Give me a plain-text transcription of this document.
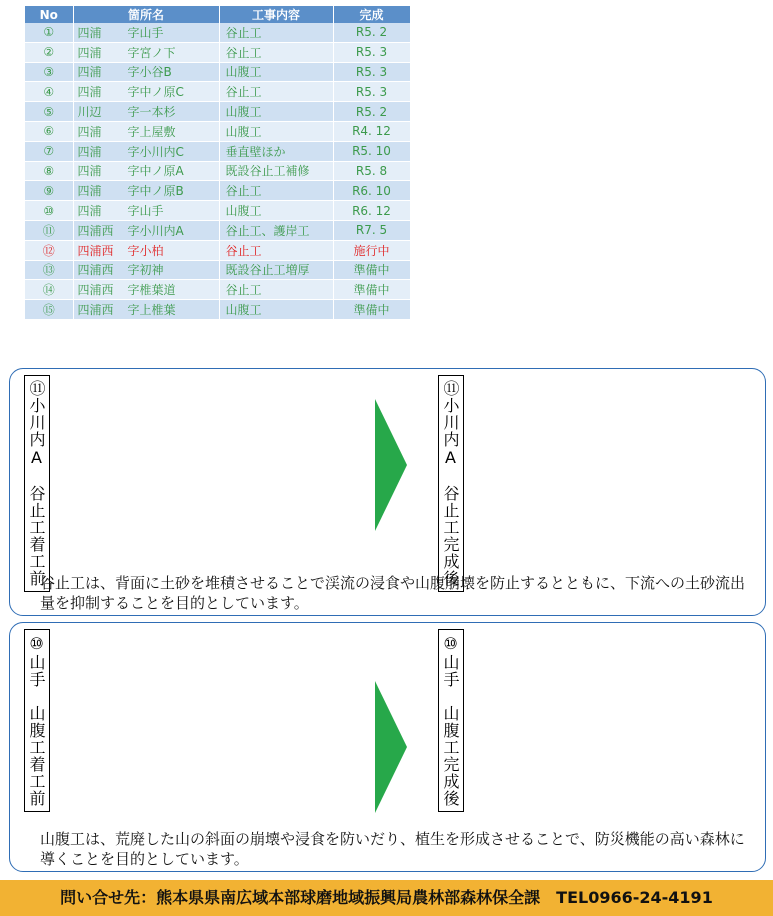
No	箇所名	工事内容	完成
①	四浦 字山手	谷止工	R5. 2
②	四浦 字宮ノ下	谷止工	R5. 3
③	四浦 字小谷B	山腹工	R5. 3
④	四浦 字中ノ原C	谷止工	R5. 3
⑤	川辺 字一本杉	山腹工	R5. 2
⑥	四浦 字上屋敷	山腹工	R4. 12
⑦	四浦 字小川内C	垂直壁ほか	R5. 10
⑧	四浦 字中ノ原A	既設谷止工補修	R5. 8
⑨	四浦 字中ノ原B	谷止工	R6. 10
⑩	四浦 字山手	山腹工	R6. 12
⑪	四浦西 字小川内A	谷止工、護岸工	R7. 5
⑫	四浦西 字小柏	谷止工	施行中
⑬	四浦西 字初神	既設谷止工増厚	準備中
⑭	四浦西 字椎葉道	谷止工	準備中
⑮	四浦西 字上椎葉	山腹工	準備中
⑪小川内A　谷止工着工前	⑪小川内A　谷止工完成後
谷止工は、背面に土砂を堆積させることで渓流の浸食や山腹崩壊を防止するとともに、下流への土砂流出量を抑制することを目的としています。
⑩山手　山腹工着工前	⑩山手　山腹工完成後
山腹工は、荒廃した山の斜面の崩壊や浸食を防いだり、植生を形成させることで、防災機能の高い森林に導くことを目的としています。
問い合せ先：熊本県県南広域本部球磨地域振興局農林部森林保全課　TEL0966-24-4191
